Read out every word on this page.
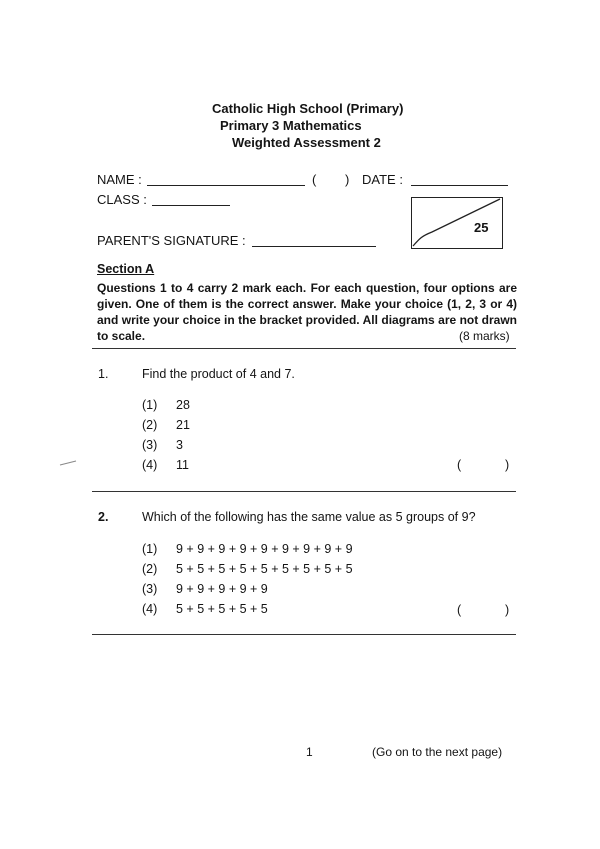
Catholic High School (Primary)
Primary 3 Mathematics
Weighted Assessment 2
NAME :	( ) DATE :
CLASS :
PARENT'S SIGNATURE :
25
Section A
Questions 1 to 4 carry 2 mark each. For each question, four options are given. One of them is the correct answer. Make your choice (1, 2, 3 or 4) and write your choice in the bracket provided. All diagrams are not drawn to scale.	(8 marks)
1.	Find the product of 4 and 7.
(1) 28
(2) 21
(3) 3
(4) 11	(	)
2.	Which of the following has the same value as 5 groups of 9?
(1) 9 + 9 + 9 + 9 + 9 + 9 + 9 + 9 + 9
(2) 5 + 5 + 5 + 5 + 5 + 5 + 5 + 5 + 5
(3) 9 + 9 + 9 + 9 + 9
(4) 5 + 5 + 5 + 5 + 5	(	)
1	(Go on to the next page)
